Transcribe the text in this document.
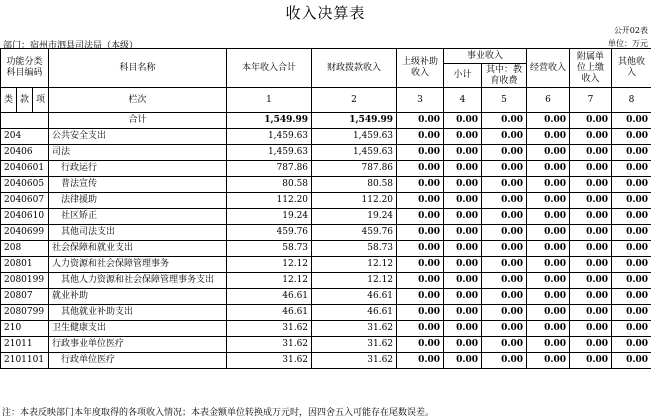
收入决算表
公开02表
部门：宿州市泗县司法局（本级）	单位：万元
功能分类科目编码			科目名称	本年收入合计	财政拨款收入	上级补助收入	事业收入		经营收入	附属单位上缴收入	其他收入
							小计	其中：教育收费			
类	款	项									
			栏次	1	2	3	4	5	6	7	8
			合计	1,549.99	1,549.99	0.00	0.00	0.00	0.00	0.00	0.00
204			公共安全支出	1,459.63	1,459.63	0.00	0.00	0.00	0.00	0.00	0.00
20406			司法	1,459.63	1,459.63	0.00	0.00	0.00	0.00	0.00	0.00
2040601			行政运行	787.86	787.86	0.00	0.00	0.00	0.00	0.00	0.00
2040605			普法宣传	80.58	80.58	0.00	0.00	0.00	0.00	0.00	0.00
2040607			法律援助	112.20	112.20	0.00	0.00	0.00	0.00	0.00	0.00
2040610			社区矫正	19.24	19.24	0.00	0.00	0.00	0.00	0.00	0.00
2040699			其他司法支出	459.76	459.76	0.00	0.00	0.00	0.00	0.00	0.00
208			社会保障和就业支出	58.73	58.73	0.00	0.00	0.00	0.00	0.00	0.00
20801			人力资源和社会保障管理事务	12.12	12.12	0.00	0.00	0.00	0.00	0.00	0.00
2080199			其他人力资源和社会保障管理事务支出	12.12	12.12	0.00	0.00	0.00	0.00	0.00	0.00
20807			就业补助	46.61	46.61	0.00	0.00	0.00	0.00	0.00	0.00
2080799			其他就业补助支出	46.61	46.61	0.00	0.00	0.00	0.00	0.00	0.00
210			卫生健康支出	31.62	31.62	0.00	0.00	0.00	0.00	0.00	0.00
21011			行政事业单位医疗	31.62	31.62	0.00	0.00	0.00	0.00	0.00	0.00
2101101			行政单位医疗	31.62	31.62	0.00	0.00	0.00	0.00	0.00	0.00
注：本表反映部门本年度取得的各项收入情况；本表金额单位转换成万元时，因四舍五入可能存在尾数误差。
